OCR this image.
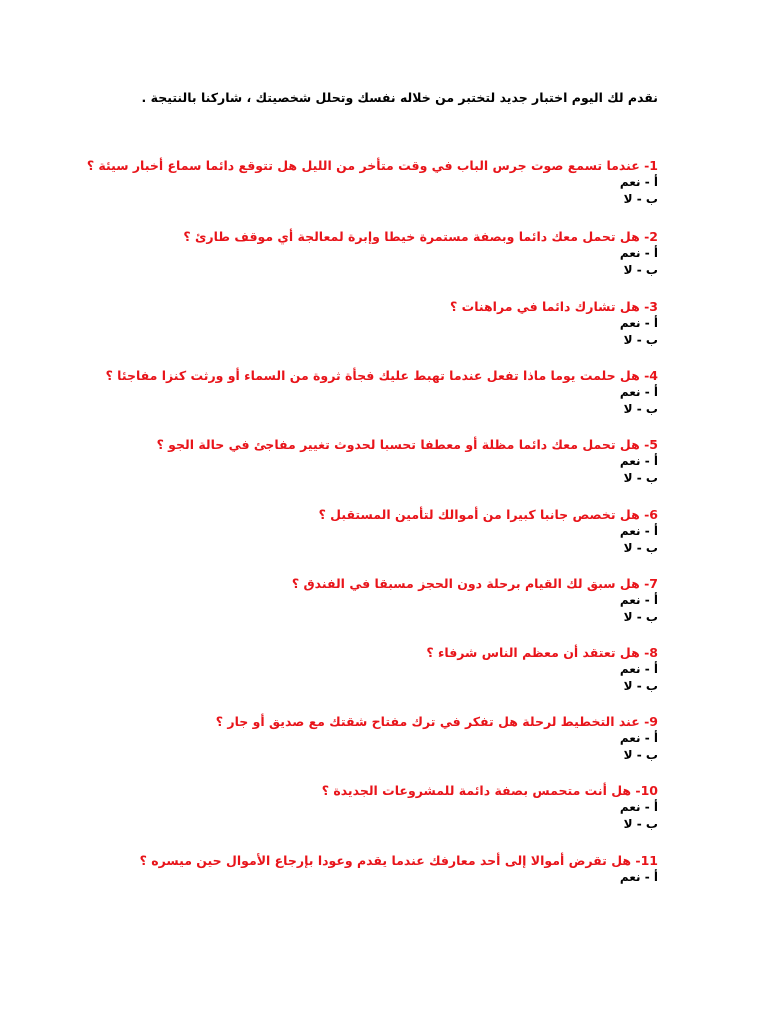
نقدم لك اليوم اختبار جديد لتختبر من خلاله نفسك وتحلل شخصيتك ، شاركنا بالنتيجة .
1- عندما تسمع صوت جرس الباب في وقت متأخر من الليل هل تتوقع دائما سماع أخبار سيئة ؟
أ - نعم
ب - لا
2- هل تحمل معك دائما وبصفة مستمرة خيطا وإبرة لمعالجة أي موقف طارئ ؟
أ - نعم
ب - لا
3- هل تشارك دائما في مراهنات ؟
أ - نعم
ب - لا
4- هل حلمت يوما ماذا تفعل عندما تهبط عليك فجأة ثروة من السماء أو ورثت كنزا مفاجئا ؟
أ - نعم
ب - لا
5- هل تحمل معك دائما مظلة أو معطفا تحسبا لحدوث تغيير مفاجئ في حالة الجو ؟
أ - نعم
ب - لا
6- هل تخصص جانبا كبيرا من أموالك لتأمين المستقبل ؟
أ - نعم
ب - لا
7- هل سبق لك القيام برحلة دون الحجز مسبقا في الفندق ؟
أ - نعم
ب - لا
8- هل تعتقد أن معظم الناس شرفاء ؟
أ - نعم
ب - لا
9- عند التخطيط لرحلة هل تفكر في ترك مفتاح شقتك مع صديق أو جار ؟
أ - نعم
ب - لا
10- هل أنت متحمس بصفة دائمة للمشروعات الجديدة ؟
أ - نعم
ب - لا
11- هل تقرض أموالا إلى أحد معارفك عندما يقدم وعودا بإرجاع الأموال حين ميسره ؟
أ - نعم
